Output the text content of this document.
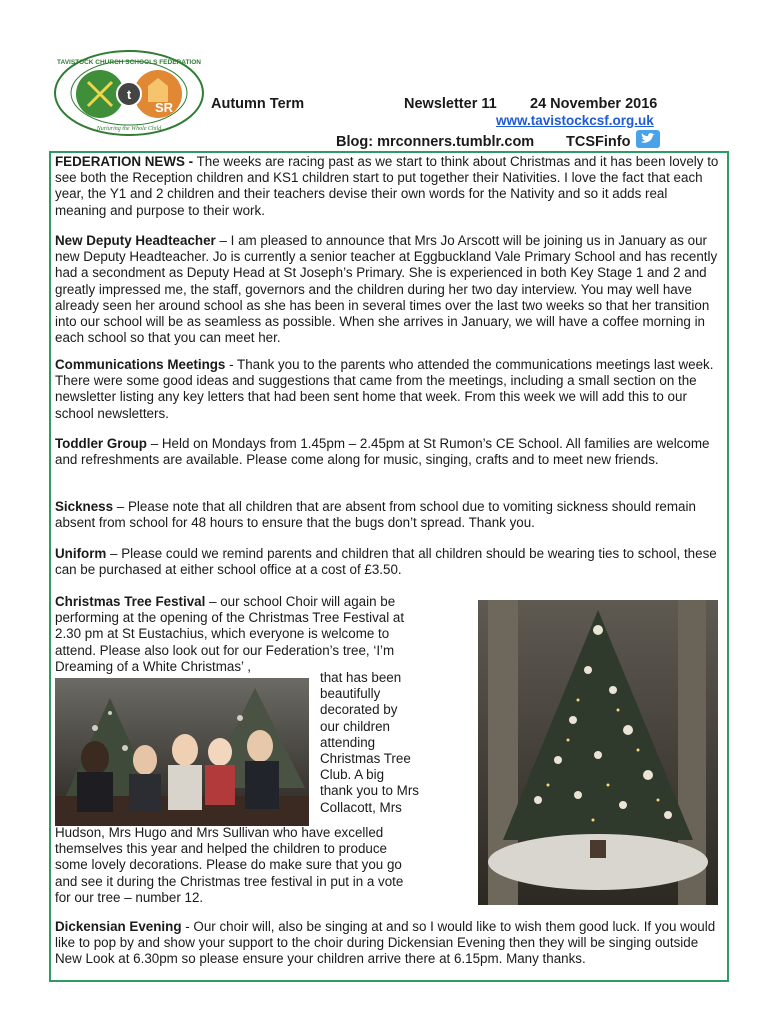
t
SR
TAVISTOCK CHURCH SCHOOLS FEDERATION
Nurturing the Whole Child
Autumn Term	Newsletter 11 24 November 2016
www.tavistockcsf.org.uk
Blog: mrconners.tumblr.com TCSFinfo
FEDERATION NEWS - The weeks are racing past as we start to think about Christmas and it has been lovely to see both the Reception children and KS1 children start to put together their Nativities. I love the fact that each year, the Y1 and 2 children and their teachers devise their own words for the Nativity and so it adds real meaning and purpose to their work.
New Deputy Headteacher – I am pleased to announce that Mrs Jo Arscott will be joining us in January as our new Deputy Headteacher. Jo is currently a senior teacher at Eggbuckland Vale Primary School and has recently had a secondment as Deputy Head at St Joseph’s Primary. She is experienced in both Key Stage 1 and 2 and greatly impressed me, the staff, governors and the children during her two day interview. You may well have already seen her around school as she has been in several times over the last two weeks so that her transition into our school will be as seamless as possible. When she arrives in January, we will have a coffee morning in each school so that you can meet her.
Communications Meetings - Thank you to the parents who attended the communications meetings last week. There were some good ideas and suggestions that came from the meetings, including a small section on the newsletter listing any key letters that had been sent home that week. From this week we will add this to our school newsletters.
Toddler Group – Held on Mondays from 1.45pm – 2.45pm at St Rumon’s CE School. All families are welcome and refreshments are available. Please come along for music, singing, crafts and to meet new friends.
Sickness – Please note that all children that are absent from school due to vomiting sickness should remain absent from school for 48 hours to ensure that the bugs don’t spread. Thank you.
Uniform – Please could we remind parents and children that all children should be wearing ties to school, these can be purchased at either school office at a cost of £3.50.
Christmas Tree Festival – our school Choir will again be performing at the opening of the Christmas Tree Festival at 2.30 pm at St Eustachius, which everyone is welcome to attend. Please also look out for our Federation’s tree, ‘I’m Dreaming of a White Christmas’ ,
that has been beautifully decorated by our children attending Christmas Tree Club. A big thank you to Mrs Collacott, Mrs
Hudson, Mrs Hugo and Mrs Sullivan who have excelled themselves this year and helped the children to produce some lovely decorations. Please do make sure that you go and see it during the Christmas tree festival in put in a vote for our tree – number 12.
Dickensian Evening - Our choir will, also be singing at and so I would like to wish them good luck. If you would like to pop by and show your support to the choir during Dickensian Evening then they will be singing outside New Look at 6.30pm so please ensure your children arrive there at 6.15pm. Many thanks.
